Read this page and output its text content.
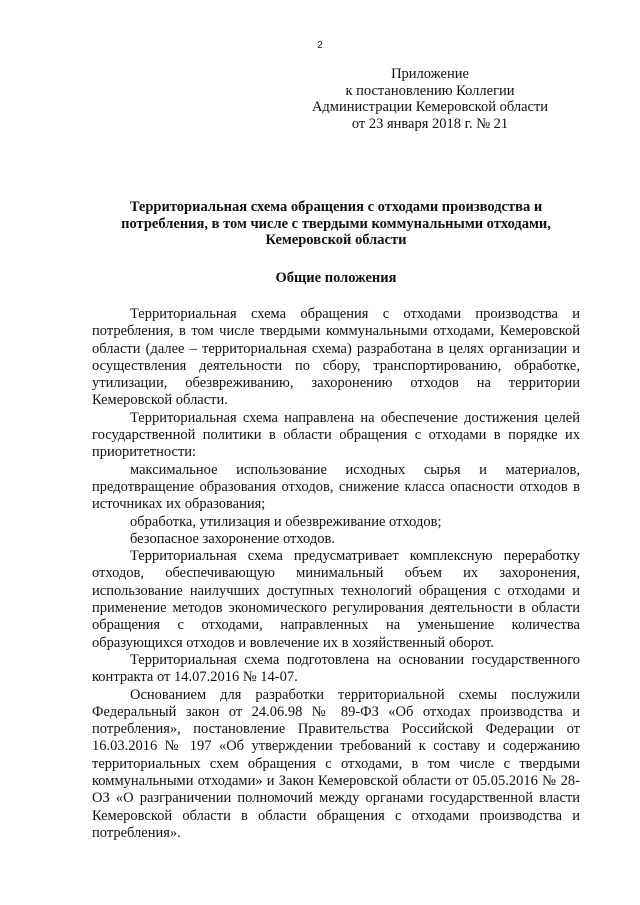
2
Приложение
к постановлению Коллегии
Администрации Кемеровской области
от 23 января 2018 г. № 21
Территориальная схема обращения с отходами производства и потребления, в том числе с твердыми коммунальными отходами, Кемеровской области
Общие положения

Территориальная схема обращения с отходами производства и потребления, в том числе твердыми коммунальными отходами, Кемеровской области (далее – территориальная схема) разработана в целях организации и осуществления деятельности по сбору, транспортированию, обработке, утилизации, обезвреживанию, захоронению отходов на территории Кемеровской области.

Территориальная схема направлена на обеспечение достижения целей государственной политики в области обращения с отходами в порядке их приоритетности:

максимальное использование исходных сырья и материалов, предотвращение образования отходов, снижение класса опасности отходов в источниках их образования;

обработка, утилизация и обезвреживание отходов;

безопасное захоронение отходов.

Территориальная схема предусматривает комплексную переработку отходов, обеспечивающую минимальный объем их захоронения, использование наилучших доступных технологий обращения с отходами и применение методов экономического регулирования деятельности в области обращения с отходами, направленных на уменьшение количества образующихся отходов и вовлечение их в хозяйственный оборот.

Территориальная схема подготовлена на основании государственного контракта от 14.07.2016 № 14-07.

Основанием для разработки территориальной схемы послужили Федеральный закон от 24.06.98 № 89-ФЗ «Об отходах производства и потребления», постановление Правительства Российской Федерации от 16.03.2016 № 197 «Об утверждении требований к составу и содержанию территориальных схем обращения с отходами, в том числе с твердыми коммунальными отходами» и Закон Кемеровской области от 05.05.2016 № 28-ОЗ «О разграничении полномочий между органами государственной власти Кемеровской области в области обращения с отходами производства и потребления».
